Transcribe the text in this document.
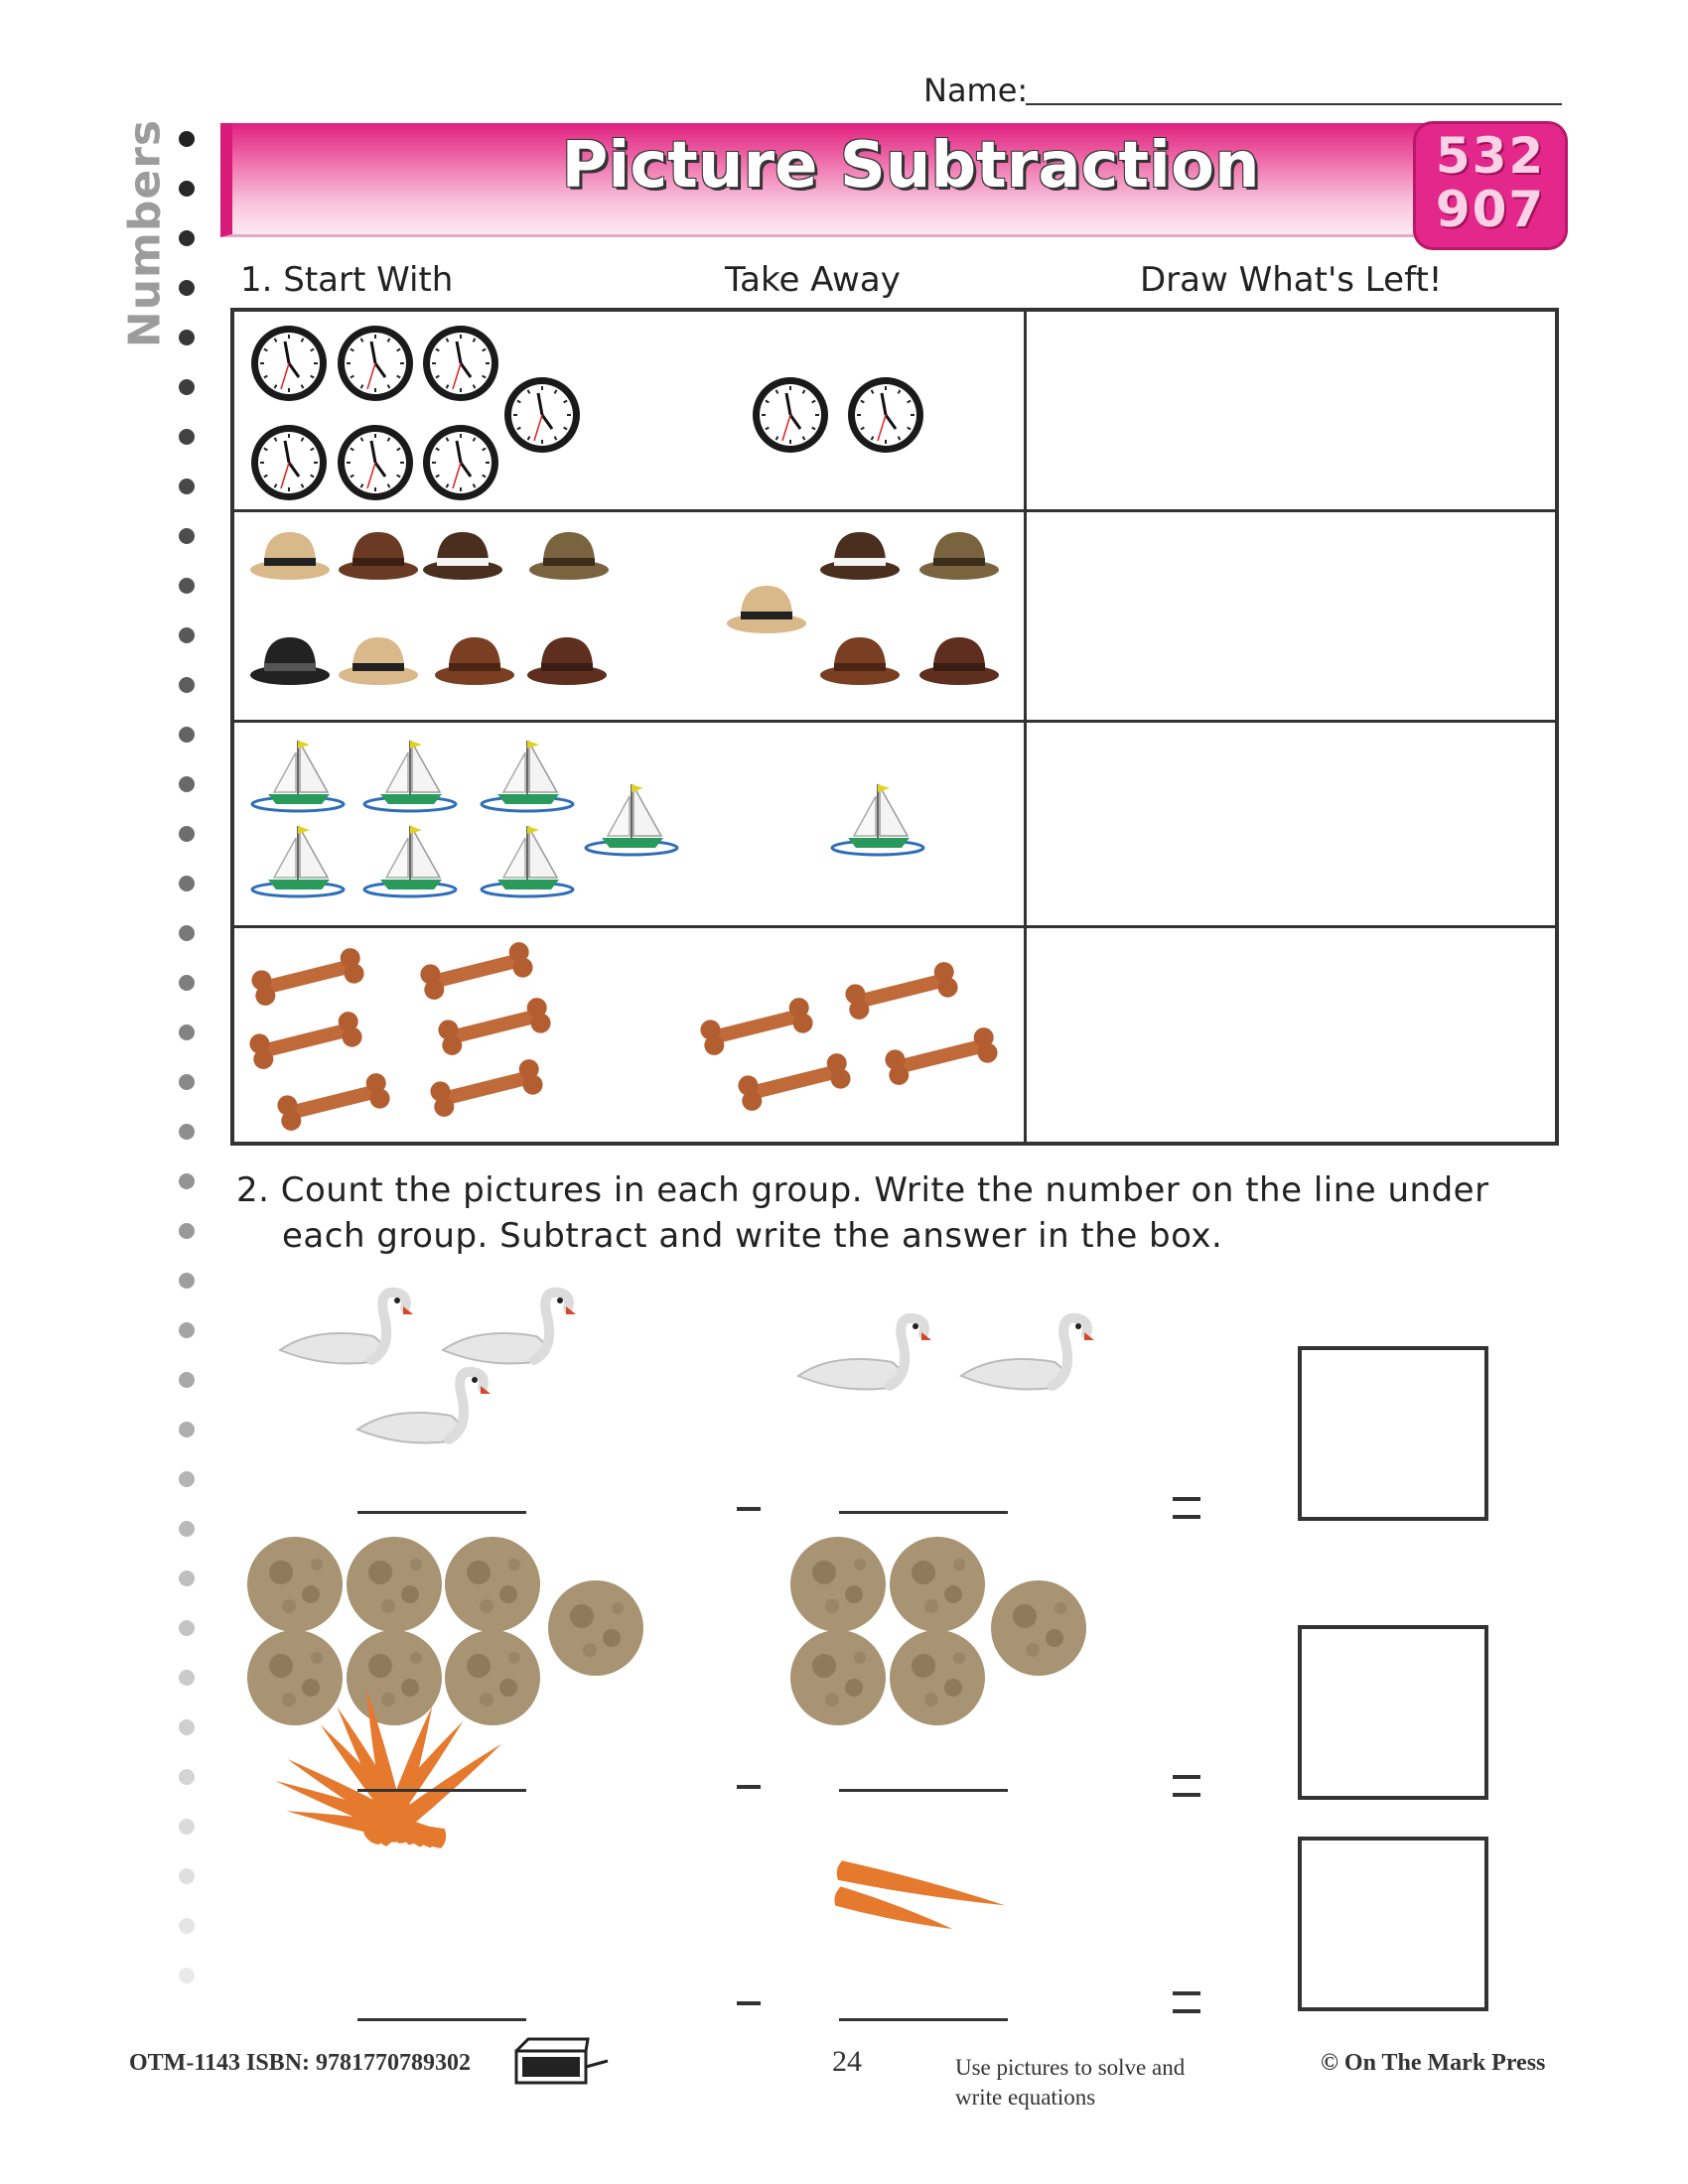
Numbers
Name:
Picture Subtraction	532
907
1. Start With	Take Away	Draw What's Left!
2. Count the pictures in each group. Write the number on the line under
each group. Subtract and write the answer in the box.
OTM-1143 ISBN: 9781770789302	24	Use pictures to solve and
write equations
© On The Mark Press
